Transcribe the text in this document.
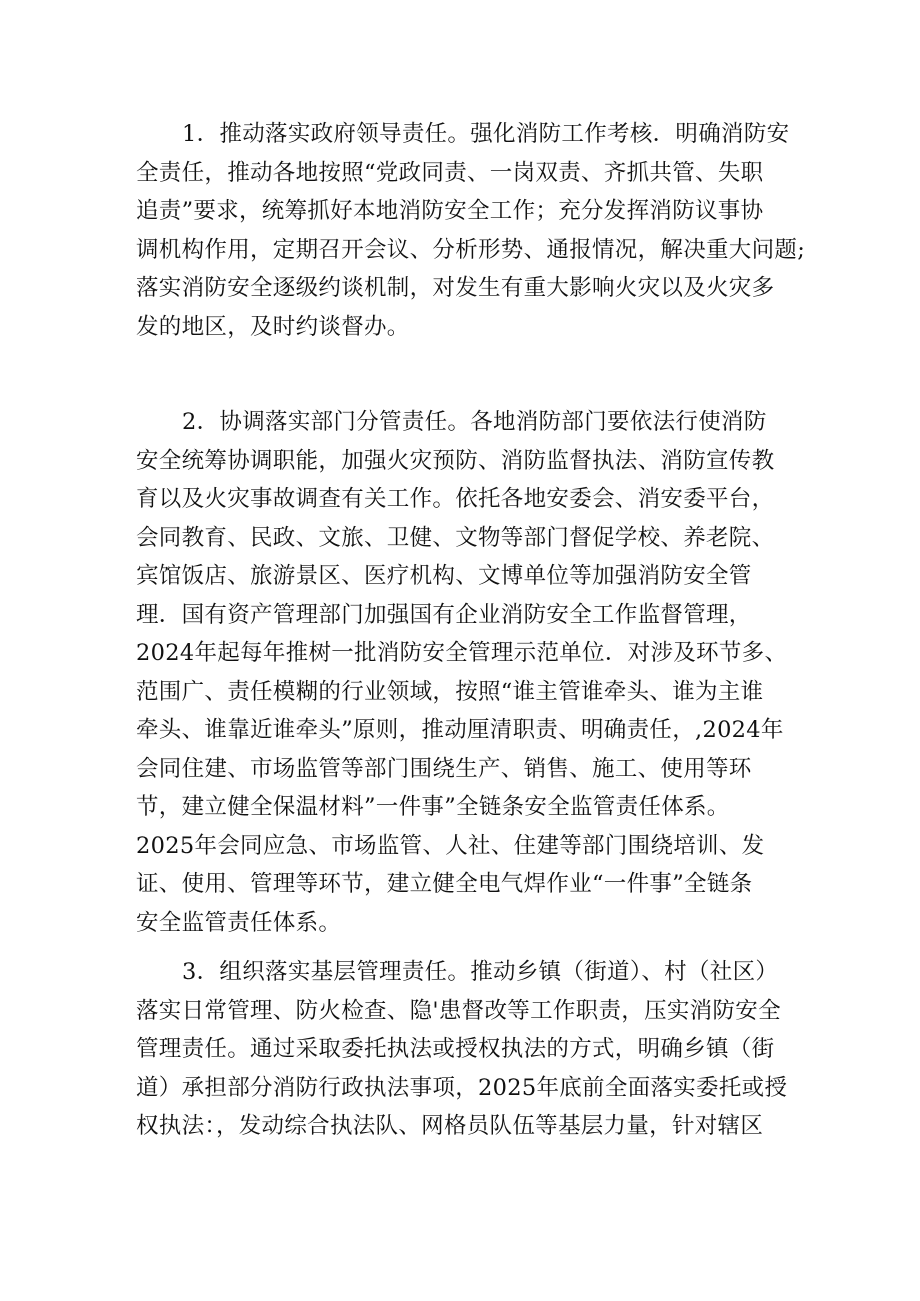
1．推动落实政府领导责任。强化消防工作考核．明确消防安
全责任，推动各地按照“党政同责、一岗双责、齐抓共管、失职
追责”要求，统筹抓好本地消防安全工作；充分发挥消防议事协
调机构作用，定期召开会议、分析形势、通报情况，解决重大问题;
落实消防安全逐级约谈机制，对发生有重大影响火灾以及火灾多
发的地区，及时约谈督办。
2．协调落实部门分管责任。各地消防部门要依法行使消防
安全统筹协调职能，加强火灾预防、消防监督执法、消防宣传教
育以及火灾事故调查有关工作。依托各地安委会、消安委平台，
会同教育、民政、文旅、卫健、文物等部门督促学校、养老院、
宾馆饭店、旅游景区、医疗机构、文博单位等加强消防安全管
理．国有资产管理部门加强国有企业消防安全工作监督管理，
2024年起每年推树一批消防安全管理示范单位．对涉及环节多、
范围广、责任模糊的行业领域，按照“谁主管谁牵头、谁为主谁
牵头、谁靠近谁牵头”原则，推动厘清职责、明确责任，,2024年
会同住建、市场监管等部门围绕生产、销售、施工、使用等环
节，建立健全保温材料”一件事”全链条安全监管责任体系。
2025年会同应急、市场监管、人社、住建等部门围绕培训、发
证、使用、管理等环节，建立健全电气焊作业“一件事”全链条
安全监管责任体系。
3．组织落实基层管理责任。推动乡镇（街道）、村（社区）
落实日常管理、防火检查、隐'患督改等工作职责，压实消防安全
管理责任。通过采取委托执法或授权执法的方式，明确乡镇（街
道）承担部分消防行政执法事项，2025年底前全面落实委托或授
权执法：，发动综合执法队、网格员队伍等基层力量，针对辖区
